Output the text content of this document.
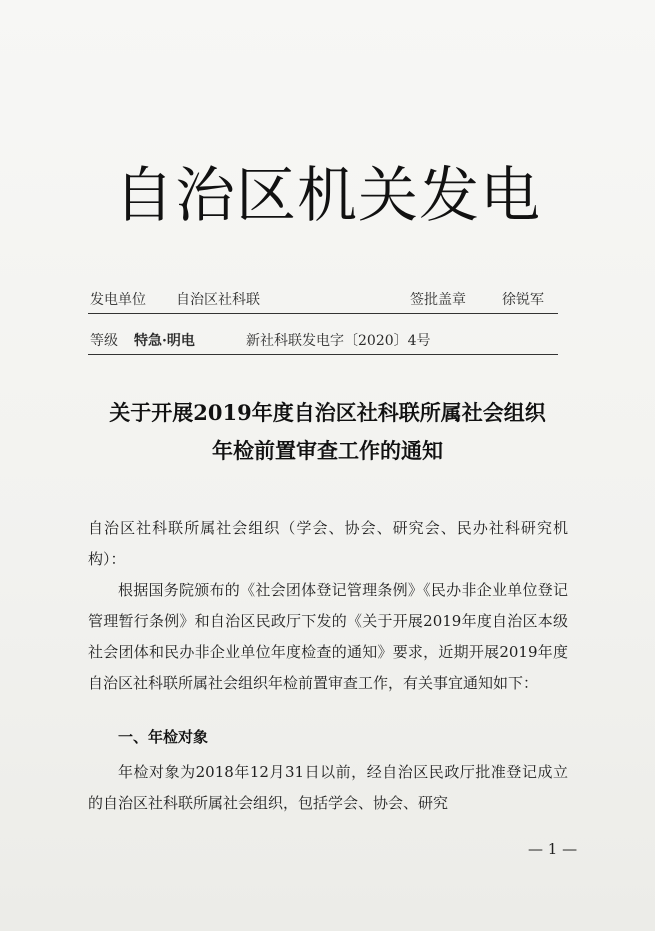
自治区机关发电
发电单位 自治区社科联	签批盖章	徐锐军
等级 特急·明电	新社科联发电字〔2020〕4号
关于开展2019年度自治区社科联所属社会组织
年检前置审查工作的通知

自治区社科联所属社会组织（学会、协会、研究会、民办社科研究机构）：

根据国务院颁布的《社会团体登记管理条例》《民办非企业单位登记管理暂行条例》和自治区民政厅下发的《关于开展2019年度自治区本级社会团体和民办非企业单位年度检查的通知》要求，近期开展2019年度自治区社科联所属社会组织年检前置审查工作，有关事宜通知如下：

一、年检对象

年检对象为2018年12月31日以前，经自治区民政厅批准登记成立的自治区社科联所属社会组织，包括学会、协会、研究

— 1 —
